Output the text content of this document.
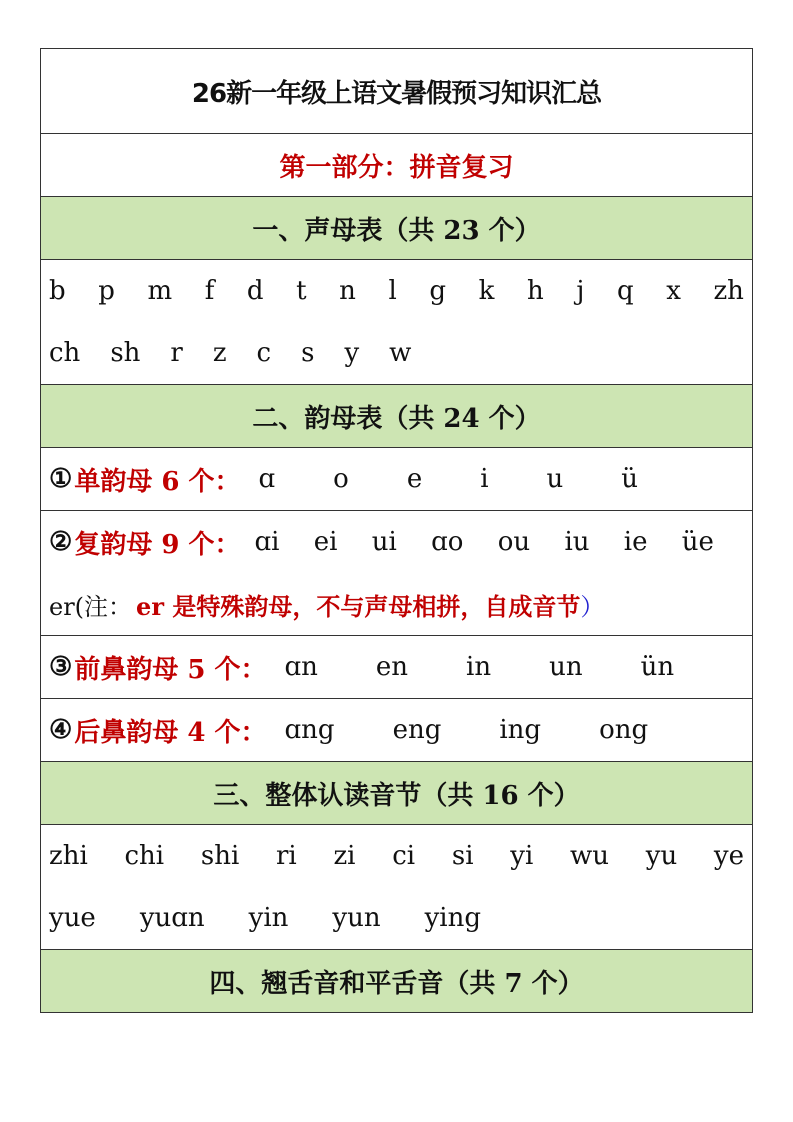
26新一年级上语文暑假预习知识汇总
第一部分：拼音复习
一、声母表（共 23 个）

b p m f d t n l g k h j q x zh
ch sh r z c s y w

二、韵母表（共 24 个）

① 单韵母 6 个： ɑ o e i u ü

② 复韵母 9 个： ɑi ei ui ɑo ou iu ie üe
er(注： er 是特殊韵母，不与声母相拼，自成音节 ）

③ 前鼻韵母 5 个： ɑn en in un ün

④ 后鼻韵母 4 个： ɑng eng ing ong

三、整体认读音节（共 16 个）

zhi chi shi ri zi ci si yi wu yu ye
yue yuɑn yin yun ying

四、翘舌音和平舌音（共 7 个）
